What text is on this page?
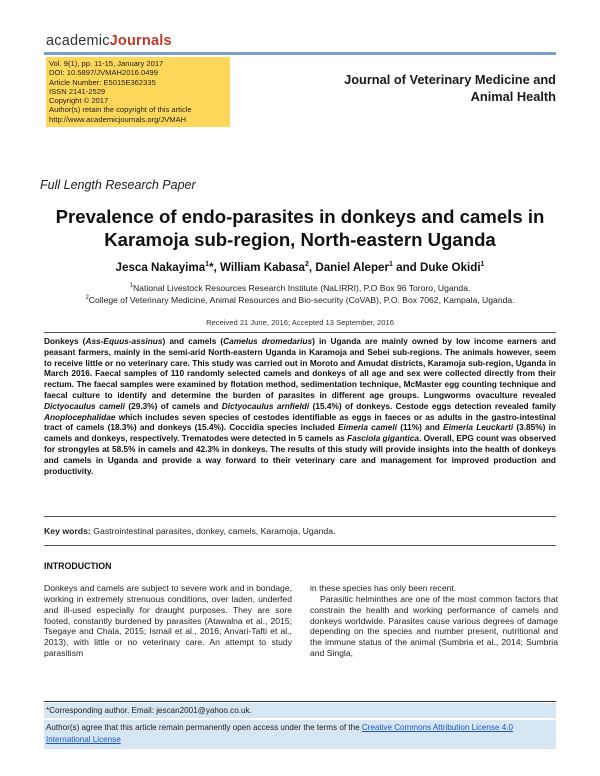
academicJournals
Vol. 9(1), pp. 11-15, January 2017
DOI: 10.5897/JVMAH2016.0499
Article Number: E5015E362335
ISSN 2141-2529
Copyright © 2017
Author(s) retain the copyright of this article
http://www.academicjournals.org/JVMAH
Journal of Veterinary Medicine and
Animal Health
Full Length Research Paper
Prevalence of endo-parasites in donkeys and camels in Karamoja sub-region, North-eastern Uganda
Jesca Nakayima$^1$*, William Kabasa$^2$, Daniel Aleper$^1$ and Duke Okidi$^1$
$^1$National Livestock Resources Research Institute (NaLIRRI), P.O Box 96 Tororo, Uganda.
$^2$College of Veterinary Medicine, Animal Resources and Bio-security (CoVAB), P.O. Box 7062, Kampala, Uganda.
Received 21 June, 2016; Accepted 13 September, 2016
Donkeys (Ass-Equus-assinus) and camels (Camelus dromedarius) in Uganda are mainly owned by low income earners and peasant farmers, mainly in the semi-arid North-eastern Uganda in Karamoja and Sebei sub-regions. The animals however, seem to receive little or no veterinary care. This study was carried out in Moroto and Amudat districts, Karamoja sub-region, Uganda in March 2016. Faecal samples of 110 randomly selected camels and donkeys of all age and sex were collected directly from their rectum. The faecal samples were examined by flotation method, sedimentation technique, McMaster egg counting technique and faecal culture to identify and determine the burden of parasites in different age groups. Lungworms ovaculture revealed Dictyocaulus cameli (29.3%) of camels and Dictyocaulus arnfieldi (15.4%) of donkeys. Cestode eggs detection revealed family Anoplocephalidae which includes seven species of cestodes identifiable as eggs in faeces or as adults in the gastro-intestinal tract of camels (18.3%) and donkeys (15.4%). Coccidia species included Eimeria cameli (11%) and Eimeria Leuckarti (3.85%) in camels and donkeys, respectively. Trematodes were detected in 5 camels as Fasciola gigantica. Overall, EPG count was observed for strongyles at 58.5% in camels and 42.3% in donkeys. The results of this study will provide insights into the health of donkeys and camels in Uganda and provide a way forward to their veterinary care and management for improved production and productivity.
Key words: Gastrointestinal parasites, donkey, camels, Karamoja, Uganda.
INTRODUCTION

Donkeys and camels are subject to severe work and in bondage, working in extremely strenuous conditions, over laden, underfed and ill-used especially for draught purposes. They are sore footed, constantly burdened by parasites (Atawalna et al., 2015; Tsegaye and Chala, 2015; Ismail et al., 2016; Anvari-Tafti et al., 2013), with little or no veterinary care. An attempt to study parasitism

in these species has only been recent.

Parasitic helminthes are one of the most common factors that constrain the health and working performance of camels and donkeys worldwide. Parasites cause various degrees of damage depending on the species and number present, nutritional and the immune status of the animal (Sumbria et al., 2014; Sumbria and Singla,

*Corresponding author. Email: jescan2001@yahoo.co.uk.
Author(s) agree that this article remain permanently open access under the terms of the Creative Commons Attribution License 4.0 International License
